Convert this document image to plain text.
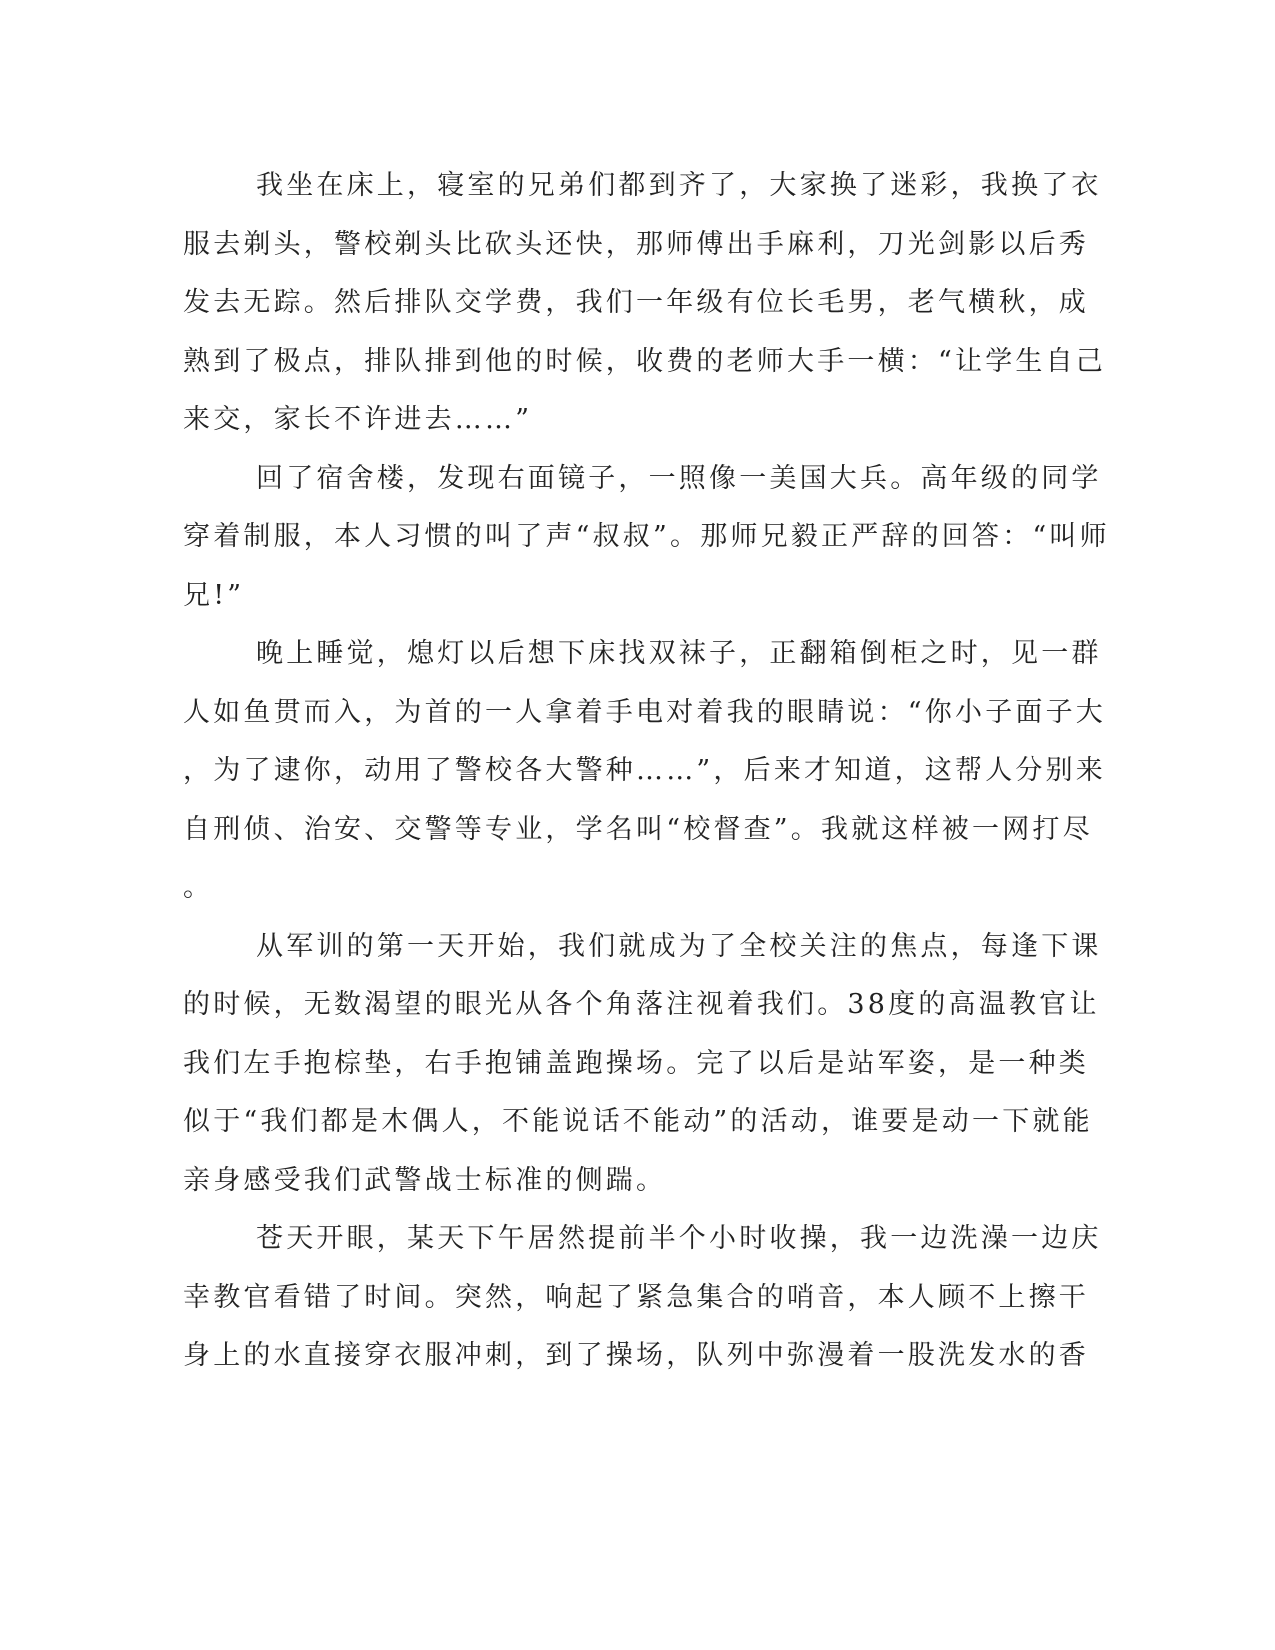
我坐在床上，寝室的兄弟们都到齐了，大家换了迷彩，我换了衣
服去剃头，警校剃头比砍头还快，那师傅出手麻利，刀光剑影以后秀
发去无踪。然后排队交学费，我们一年级有位长毛男，老气横秋，成
熟到了极点，排队排到他的时候，收费的老师大手一横：“让学生自己
来交，家长不许进去……”
回了宿舍楼，发现右面镜子，一照像一美国大兵。高年级的同学
穿着制服，本人习惯的叫了声“叔叔”。那师兄毅正严辞的回答：“叫师
兄!”
晚上睡觉，熄灯以后想下床找双袜子，正翻箱倒柜之时，见一群
人如鱼贯而入，为首的一人拿着手电对着我的眼睛说：“你小子面子大
，为了逮你，动用了警校各大警种……”，后来才知道，这帮人分别来
自刑侦、治安、交警等专业，学名叫“校督查”。我就这样被一网打尽
。
从军训的第一天开始，我们就成为了全校关注的焦点，每逢下课
的时候，无数渴望的眼光从各个角落注视着我们。38度的高温教官让
我们左手抱棕垫，右手抱铺盖跑操场。完了以后是站军姿，是一种类
似于“我们都是木偶人，不能说话不能动”的活动，谁要是动一下就能
亲身感受我们武警战士标准的侧踹。
苍天开眼，某天下午居然提前半个小时收操，我一边洗澡一边庆
幸教官看错了时间。突然，响起了紧急集合的哨音，本人顾不上擦干
身上的水直接穿衣服冲刺，到了操场，队列中弥漫着一股洗发水的香
